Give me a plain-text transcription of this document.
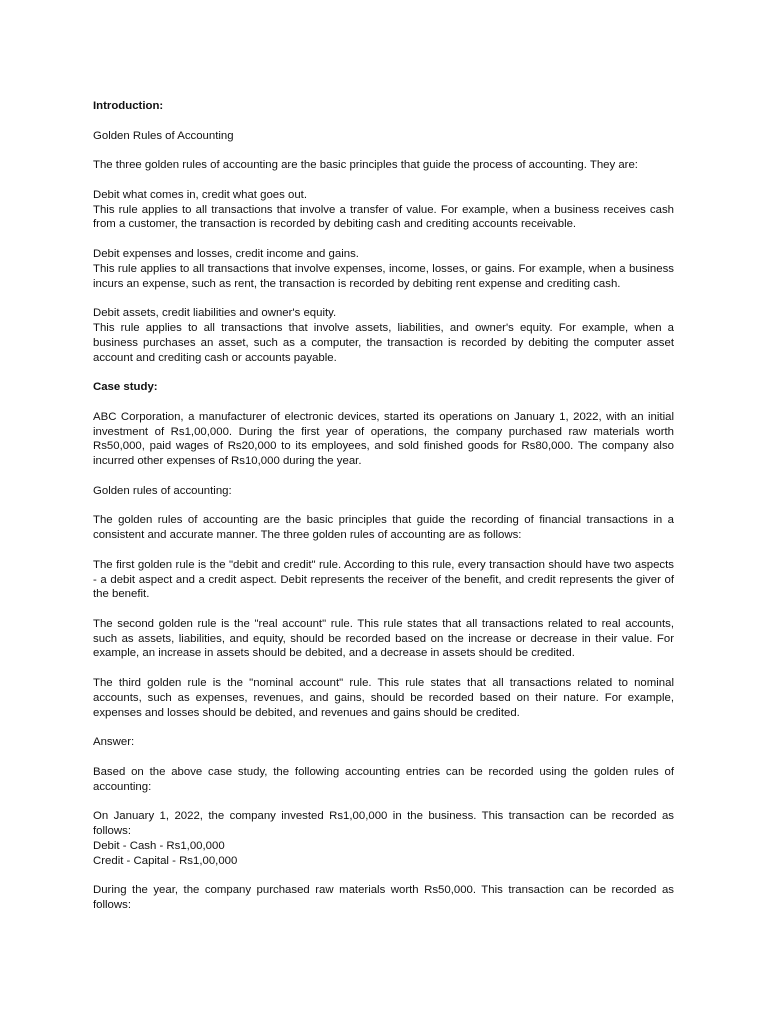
Introduction:

Golden Rules of Accounting

The three golden rules of accounting are the basic principles that guide the process of accounting. They are:

Debit what comes in, credit what goes out.
This rule applies to all transactions that involve a transfer of value. For example, when a business receives cash from a customer, the transaction is recorded by debiting cash and crediting accounts receivable.

Debit expenses and losses, credit income and gains.
This rule applies to all transactions that involve expenses, income, losses, or gains. For example, when a business incurs an expense, such as rent, the transaction is recorded by debiting rent expense and crediting cash.

Debit assets, credit liabilities and owner's equity.
This rule applies to all transactions that involve assets, liabilities, and owner's equity. For example, when a business purchases an asset, such as a computer, the transaction is recorded by debiting the computer asset account and crediting cash or accounts payable.

Case study:

ABC Corporation, a manufacturer of electronic devices, started its operations on January 1, 2022, with an initial investment of Rs1,00,000. During the first year of operations, the company purchased raw materials worth Rs50,000, paid wages of Rs20,000 to its employees, and sold finished goods for Rs80,000. The company also incurred other expenses of Rs10,000 during the year.

Golden rules of accounting:

The golden rules of accounting are the basic principles that guide the recording of financial transactions in a consistent and accurate manner. The three golden rules of accounting are as follows:

The first golden rule is the "debit and credit" rule. According to this rule, every transaction should have two aspects - a debit aspect and a credit aspect. Debit represents the receiver of the benefit, and credit represents the giver of the benefit.

The second golden rule is the "real account" rule. This rule states that all transactions related to real accounts, such as assets, liabilities, and equity, should be recorded based on the increase or decrease in their value. For example, an increase in assets should be debited, and a decrease in assets should be credited.

The third golden rule is the "nominal account" rule. This rule states that all transactions related to nominal accounts, such as expenses, revenues, and gains, should be recorded based on their nature. For example, expenses and losses should be debited, and revenues and gains should be credited.

Answer:

Based on the above case study, the following accounting entries can be recorded using the golden rules of accounting:

On January 1, 2022, the company invested Rs1,00,000 in the business. This transaction can be recorded as follows:
Debit - Cash - Rs1,00,000
Credit - Capital - Rs1,00,000

During the year, the company purchased raw materials worth Rs50,000. This transaction can be recorded as follows:
